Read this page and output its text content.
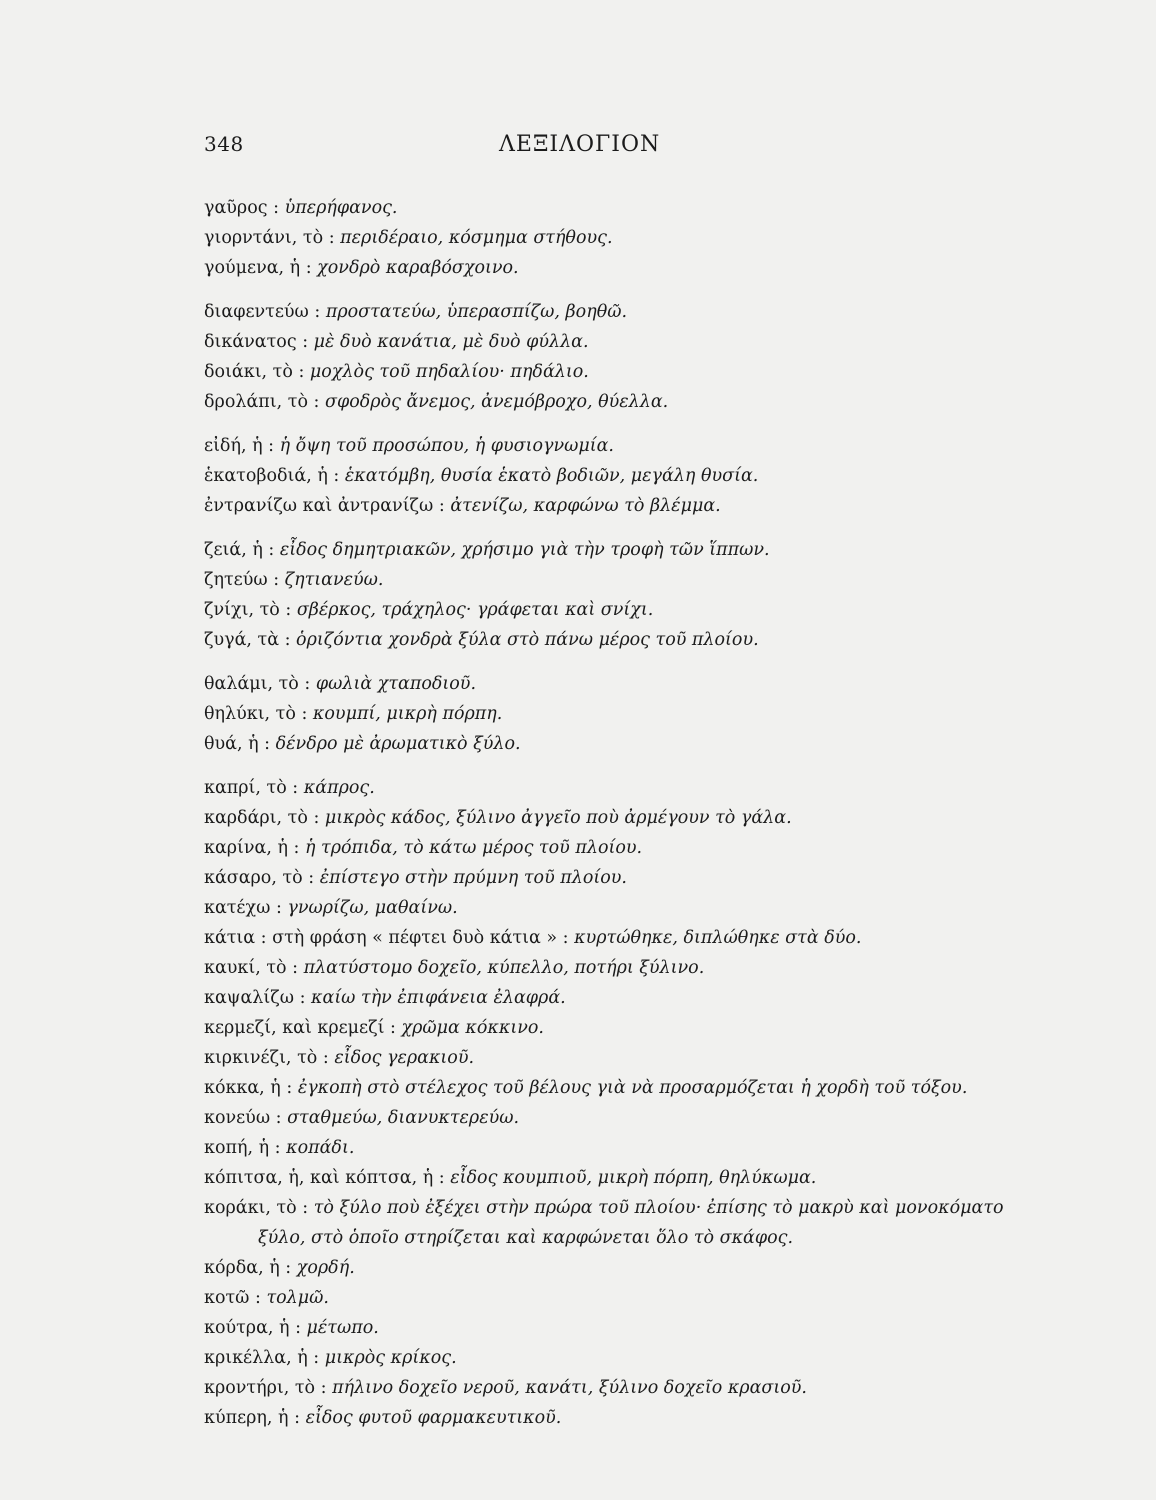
348	ΛΕΞΙΛΟΓΙΟΝ
γαῦρος : ὑπερήφανος.
γιορντάνι, τὸ : περιδέραιο, κόσμημα στήθους.
γούμενα, ἡ : χονδρὸ καραβόσχοινο.
διαφεντεύω : προστατεύω, ὑπερασπίζω, βοηθῶ.
δικάνατος : μὲ δυὸ κανάτια, μὲ δυὸ φύλλα.
δοιάκι, τὸ : μοχλὸς τοῦ πηδαλίου· πηδάλιο.
δρολάπι, τὸ : σφοδρὸς ἄνεμος, ἀνεμόβροχο, θύελλα.
εἰδή, ἡ : ἡ ὄψη τοῦ προσώπου, ἡ φυσιογνωμία.
ἑκατοβοδιά, ἡ : ἑκατόμβη, θυσία ἑκατὸ βοδιῶν, μεγάλη θυσία.
ἐντρανίζω καὶ ἀντρανίζω : ἀτενίζω, καρφώνω τὸ βλέμμα.
ζειά, ἡ : εἶδος δημητριακῶν, χρήσιμο γιὰ τὴν τροφὴ τῶν ἵππων.
ζητεύω : ζητιανεύω.
ζνίχι, τὸ : σβέρκος, τράχηλος· γράφεται καὶ σνίχι.
ζυγά, τὰ : ὁριζόντια χονδρὰ ξύλα στὸ πάνω μέρος τοῦ πλοίου.
θαλάμι, τὸ : φωλιὰ χταποδιοῦ.
θηλύκι, τὸ : κουμπί, μικρὴ πόρπη.
θυά, ἡ : δένδρο μὲ ἀρωματικὸ ξύλο.
καπρί, τὸ : κάπρος.
καρδάρι, τὸ : μικρὸς κάδος, ξύλινο ἀγγεῖο ποὺ ἀρμέγουν τὸ γάλα.
καρίνα, ἡ : ἡ τρόπιδα, τὸ κάτω μέρος τοῦ πλοίου.
κάσαρο, τὸ : ἐπίστεγο στὴν πρύμνη τοῦ πλοίου.
κατέχω : γνωρίζω, μαθαίνω.
κάτια : στὴ φράση « πέφτει δυὸ κάτια » : κυρτώθηκε, διπλώθηκε στὰ δύο.
καυκί, τὸ : πλατύστομο δοχεῖο, κύπελλο, ποτήρι ξύλινο.
καψαλίζω : καίω τὴν ἐπιφάνεια ἐλαφρά.
κερμεζί, καὶ κρεμεζί : χρῶμα κόκκινο.
κιρκινέζι, τὸ : εἶδος γερακιοῦ.
κόκκα, ἡ : ἐγκοπὴ στὸ στέλεχος τοῦ βέλους γιὰ νὰ προσαρμόζεται ἡ χορδὴ τοῦ τόξου.
κονεύω : σταθμεύω, διανυκτερεύω.
κοπή, ἡ : κοπάδι.
κόπιτσα, ἡ, καὶ κόπτσα, ἡ : εἶδος κουμπιοῦ, μικρὴ πόρπη, θηλύκωμα.
κοράκι, τὸ : τὸ ξύλο ποὺ ἐξέχει στὴν πρώρα τοῦ πλοίου· ἐπίσης τὸ μακρὺ καὶ μονοκόματο ξύλο, στὸ ὁποῖο στηρίζεται καὶ καρφώνεται ὅλο τὸ σκάφος.
κόρδα, ἡ : χορδή.
κοτῶ : τολμῶ.
κούτρα, ἡ : μέτωπο.
κρικέλλα, ἡ : μικρὸς κρίκος.
κροντήρι, τὸ : πήλινο δοχεῖο νεροῦ, κανάτι, ξύλινο δοχεῖο κρασιοῦ.
κύπερη, ἡ : εἶδος φυτοῦ φαρμακευτικοῦ.
